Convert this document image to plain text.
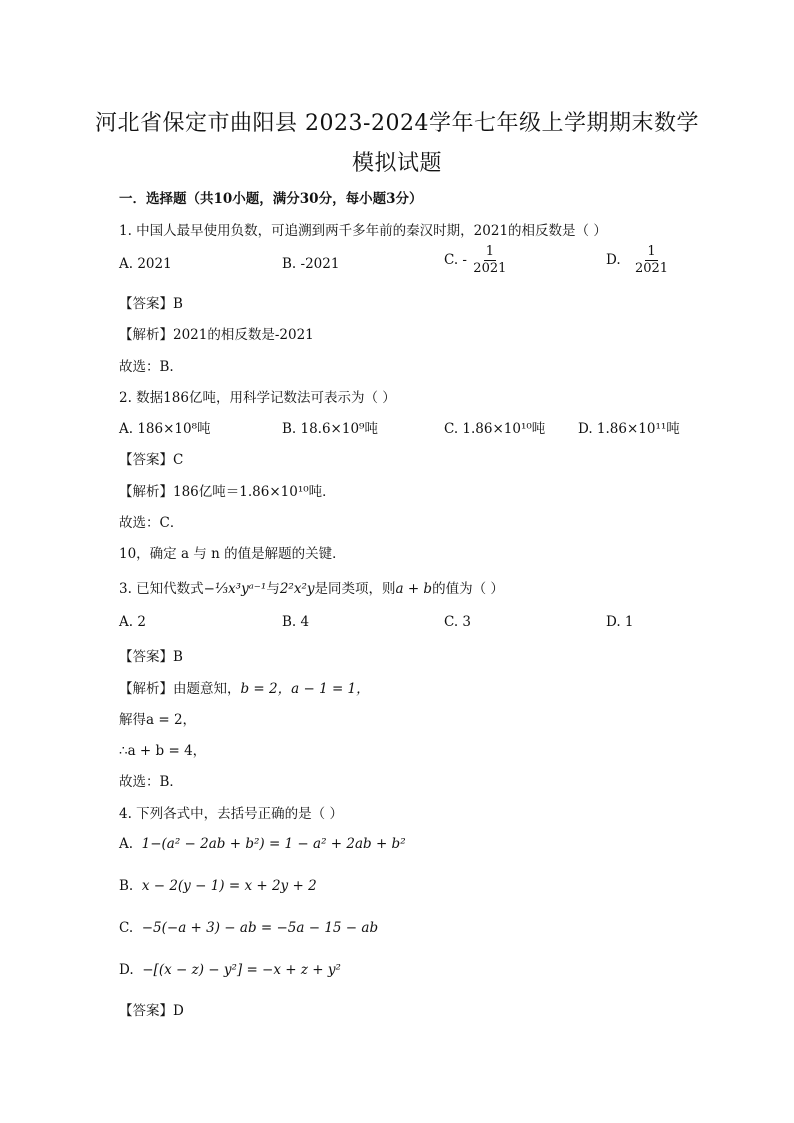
河北省保定市曲阳县 2023-2024学年七年级上学期期末数学
模拟试题
一．选择题（共10小题，满分30分，每小题3分）
1. 中国人最早使用负数，可追溯到两千多年前的秦汉时期，2021的相反数是（ ）
A. 2021	B. -2021	C. - $\frac{1}{2021}$	D. $\frac{1}{2021}$
【答案】B
【解析】2021的相反数是-2021
故选：B.
2. 数据186亿吨，用科学记数法可表示为（ ）
A. 186×10⁸吨	B. 18.6×10⁹吨	C. 1.86×10¹⁰吨 D. 1.86×10¹¹吨
【答案】C
【解析】186亿吨＝1.86×10¹⁰吨．
故选：C．
10，确定 a 与 n 的值是解题的关键．
3. 已知代数式−⅓x³yᵃ⁻¹与2²x²y是同类项，则a + b的值为（ ）
A. 2	B. 4	C. 3	D. 1
【答案】B
【解析】由题意知，b = 2，a − 1 = 1，
解得a = 2，
∴a + b = 4，
故选：B．
4. 下列各式中，去括号正确的是（ ）
A. 1−(a² − 2ab + b²) = 1 − a² + 2ab + b²
B. x − 2(y − 1) = x + 2y + 2
C. −5(−a + 3) − ab = −5a − 15 − ab
D. −[(x − z) − y²] = −x + z + y²
【答案】D
